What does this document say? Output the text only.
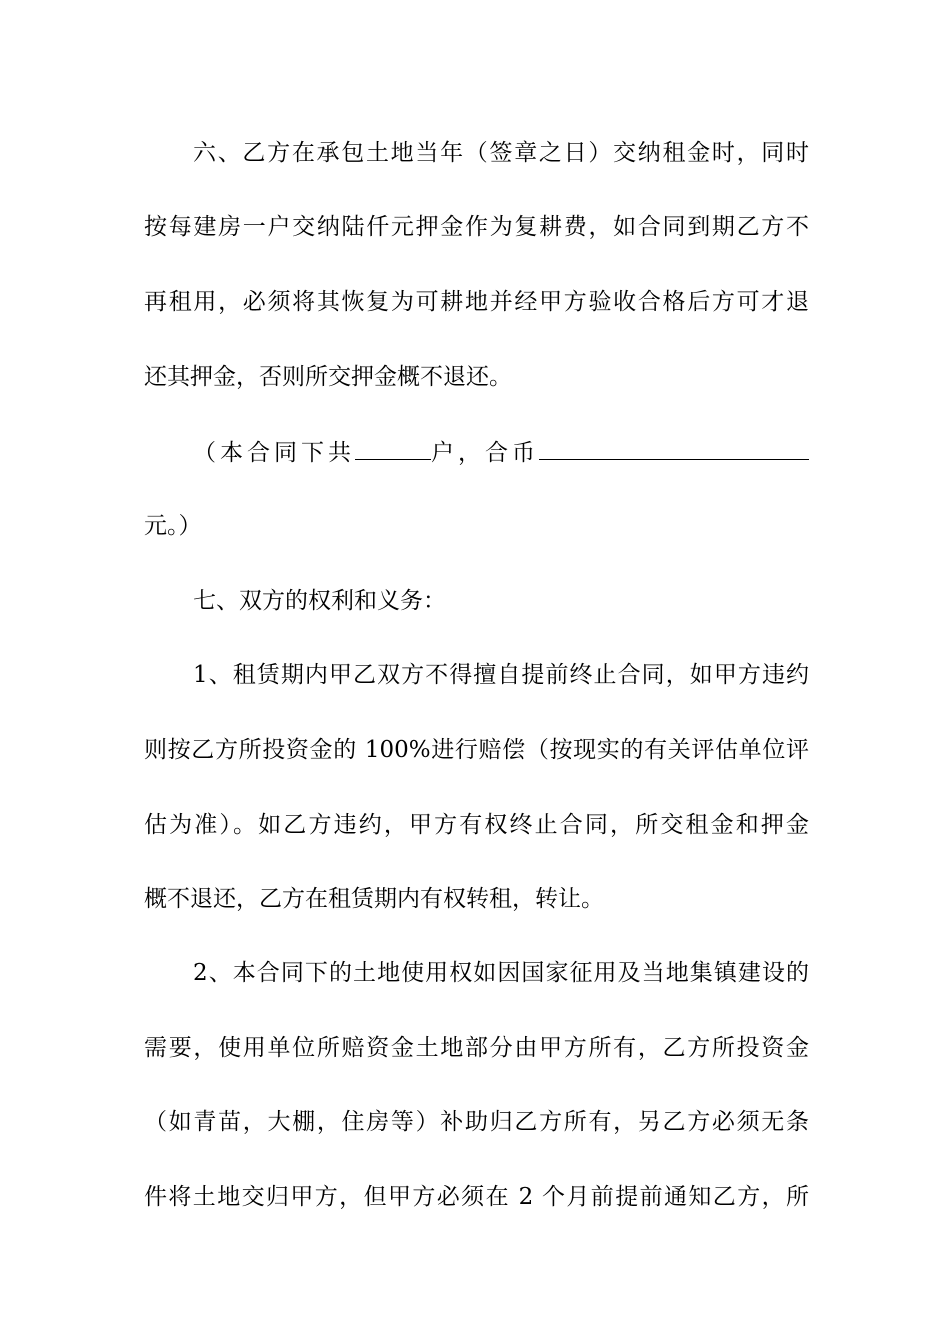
六、乙方在承包土地当年（签章之日）交纳租金时，同时
按每建房一户交纳陆仟元押金作为复耕费，如合同到期乙方不
再租用，必须将其恢复为可耕地并经甲方验收合格后方可才退
还其押金，否则所交押金概不退还。
（本合同下共	户，合币
元。）
七、双方的权利和义务：
1、租赁期内甲乙双方不得擅自提前终止合同，如甲方违约
则按乙方所投资金的 100%进行赔偿（按现实的有关评估单位评
估为准）。如乙方违约，甲方有权终止合同，所交租金和押金
概不退还，乙方在租赁期内有权转租，转让。
2、本合同下的土地使用权如因国家征用及当地集镇建设的
需要，使用单位所赔资金土地部分由甲方所有，乙方所投资金
（如青苗，大棚，住房等）补助归乙方所有，另乙方必须无条
件将土地交归甲方，但甲方必须在 2 个月前提前通知乙方，所
